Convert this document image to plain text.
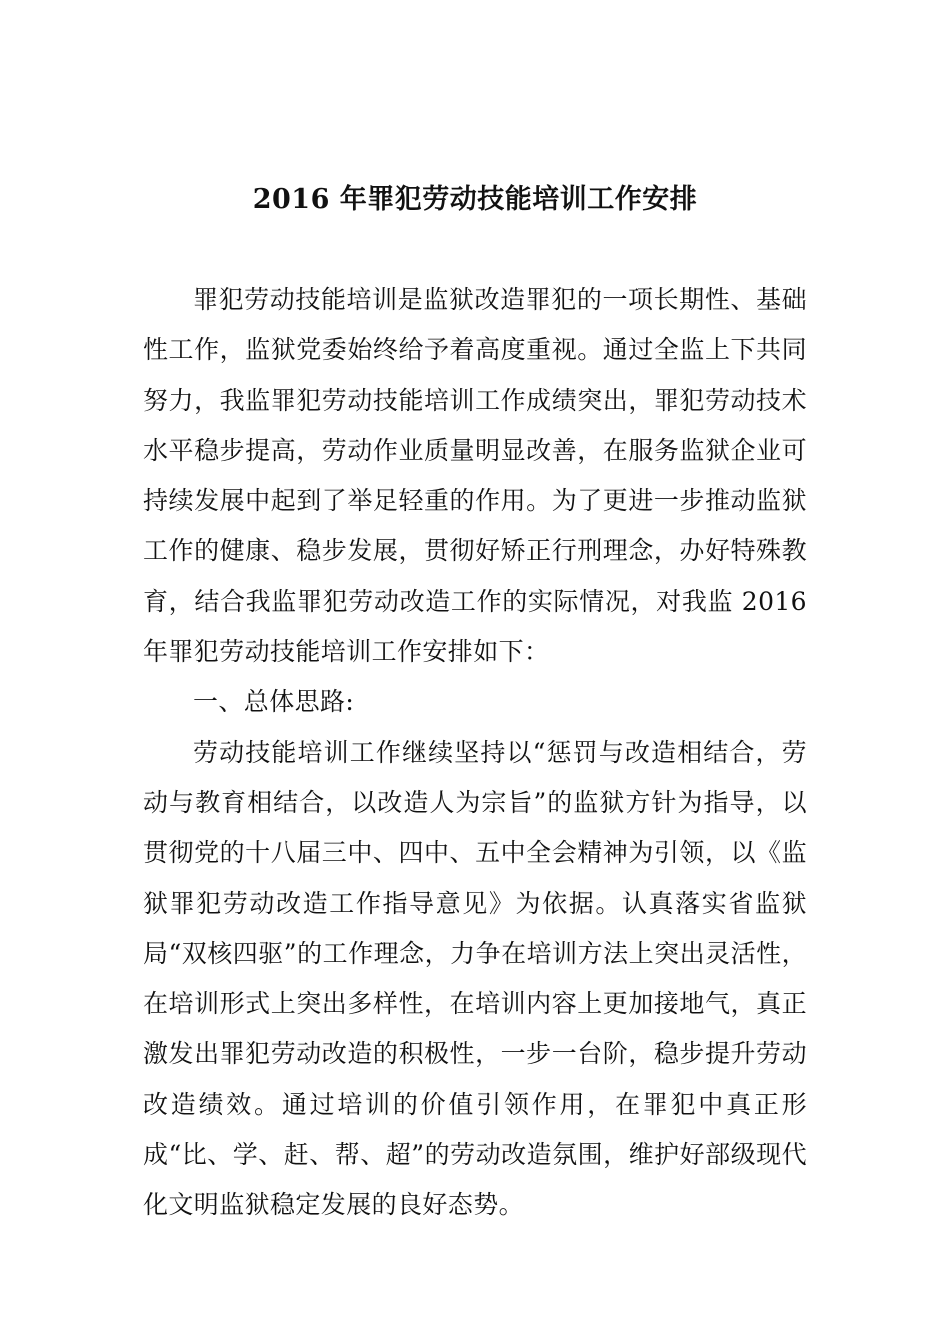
2016 年罪犯劳动技能培训工作安排

罪犯劳动技能培训是监狱改造罪犯的一项长期性、基础性工作，监狱党委始终给予着高度重视。通过全监上下共同努力，我监罪犯劳动技能培训工作成绩突出，罪犯劳动技术水平稳步提高，劳动作业质量明显改善，在服务监狱企业可持续发展中起到了举足轻重的作用。为了更进一步推动监狱工作的健康、稳步发展，贯彻好矫正行刑理念，办好特殊教育，结合我监罪犯劳动改造工作的实际情况，对我监 2016 年罪犯劳动技能培训工作安排如下：

一、总体思路:

劳动技能培训工作继续坚持以“惩罚与改造相结合，劳动与教育相结合，以改造人为宗旨”的监狱方针为指导，以贯彻党的十八届三中、四中、五中全会精神为引领，以《监狱罪犯劳动改造工作指导意见》为依据。认真落实省监狱局“双核四驱”的工作理念，力争在培训方法上突出灵活性，在培训形式上突出多样性，在培训内容上更加接地气，真正激发出罪犯劳动改造的积极性，一步一台阶，稳步提升劳动改造绩效。通过培训的价值引领作用，在罪犯中真正形成“比、学、赶、帮、超”的劳动改造氛围，维护好部级现代化文明监狱稳定发展的良好态势。
